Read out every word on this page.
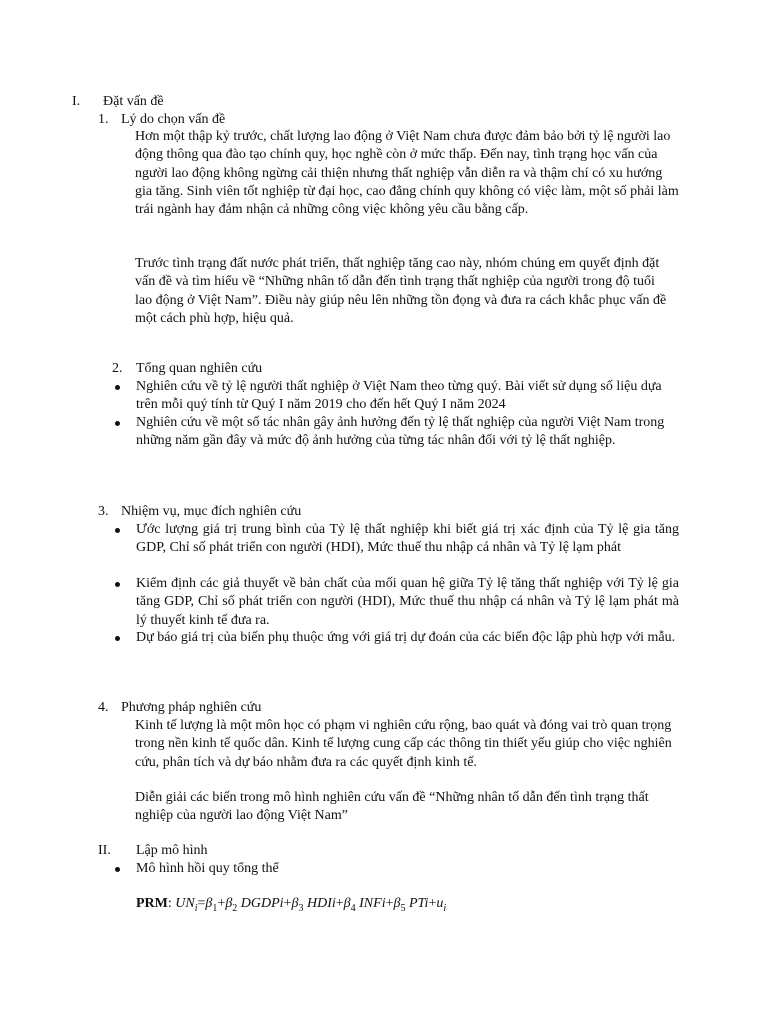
I. Đặt vấn đề
1. Lý do chọn vấn đề
Hơn một thập kỷ trước, chất lượng lao động ở Việt Nam chưa được đảm bảo bởi tỷ lệ người lao động thông qua đào tạo chính quy, học nghề còn ở mức thấp. Đến nay, tình trạng học vấn của người lao động không ngừng cải thiện nhưng thất nghiệp vẫn diễn ra và thậm chí có xu hướng gia tăng. Sinh viên tốt nghiệp từ đại học, cao đẳng chính quy không có việc làm, một số phải làm trái ngành hay đảm nhận cả những công việc không yêu cầu bằng cấp.
Trước tình trạng đất nước phát triển, thất nghiệp tăng cao này, nhóm chúng em quyết định đặt vấn đề và tìm hiểu về “Những nhân tố dẫn đến tình trạng thất nghiệp của người trong độ tuổi lao động ở Việt Nam”. Điều này giúp nêu lên những tồn đọng và đưa ra cách khắc phục vấn đề một cách phù hợp, hiệu quả.
2. Tổng quan nghiên cứu
Nghiên cứu về tỷ lệ người thất nghiệp ở Việt Nam theo từng quý. Bài viết sử dụng số liệu dựa trên mỗi quý tính từ Quý I năm 2019 cho đến hết Quý I năm 2024
Nghiên cứu về một số tác nhân gây ảnh hưởng đến tỷ lệ thất nghiệp của người Việt Nam trong những năm gần đây và mức độ ảnh hưởng của từng tác nhân đối với tỷ lệ thất nghiệp.
3. Nhiệm vụ, mục đích nghiên cứu
Ước lượng giá trị trung bình của Tỷ lệ thất nghiệp khi biết giá trị xác định của Tỷ lệ gia tăng GDP, Chỉ số phát triển con người (HDI), Mức thuế thu nhập cá nhân và Tỷ lệ lạm phát
Kiểm định các giả thuyết về bản chất của mối quan hệ giữa Tỷ lệ tăng thất nghiệp với Tỷ lệ gia tăng GDP, Chỉ số phát triển con người (HDI), Mức thuế thu nhập cá nhân và Tỷ lệ lạm phát mà lý thuyết kinh tế đưa ra.
Dự báo giá trị của biến phụ thuộc ứng với giá trị dự đoán của các biến độc lập phù hợp với mẫu.
4. Phương pháp nghiên cứu
Kinh tế lượng là một môn học có phạm vi nghiên cứu rộng, bao quát và đóng vai trò quan trọng trong nền kinh tế quốc dân. Kinh tế lượng cung cấp các thông tin thiết yếu giúp cho việc nghiên cứu, phân tích và dự báo nhằm đưa ra các quyết định kinh tế.
Diễn giải các biến trong mô hình nghiên cứu vấn đề “Những nhân tố dẫn đến tình trạng thất nghiệp của người lao động Việt Nam”
II. Lập mô hình
Mô hình hồi quy tổng thể
PRM: $UN_i=\beta_1+\beta_2$ $DGDPi+\beta_3$ $HDIi+\beta_4$ $INFi+\beta_5$ $PTi+u_i$
